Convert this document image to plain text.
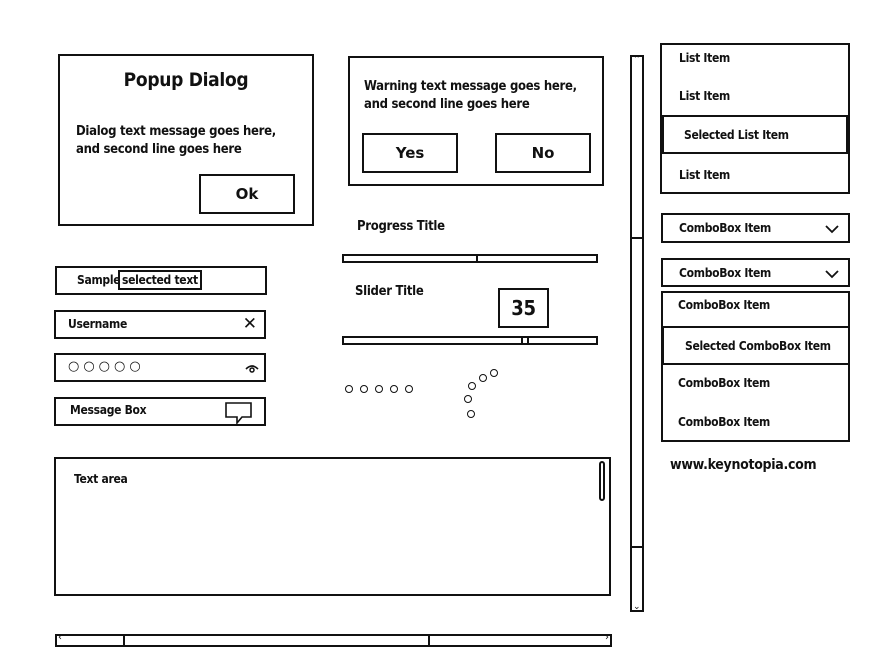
Popup Dialog
Dialog text message goes here,
and second line goes here
Ok
Warning text message goes here,
and second line goes here
Yes	No
Progress Title
Slider Title
35
Sample selected text
Username	✕
○○○○○
Message Box
Text area
‹	›
⌃
⌄
List Item
List Item
Selected List Item
List Item
ComboBox Item
ComboBox Item
ComboBox Item
Selected ComboBox Item
ComboBox Item
ComboBox Item
www.keynotopia.com
